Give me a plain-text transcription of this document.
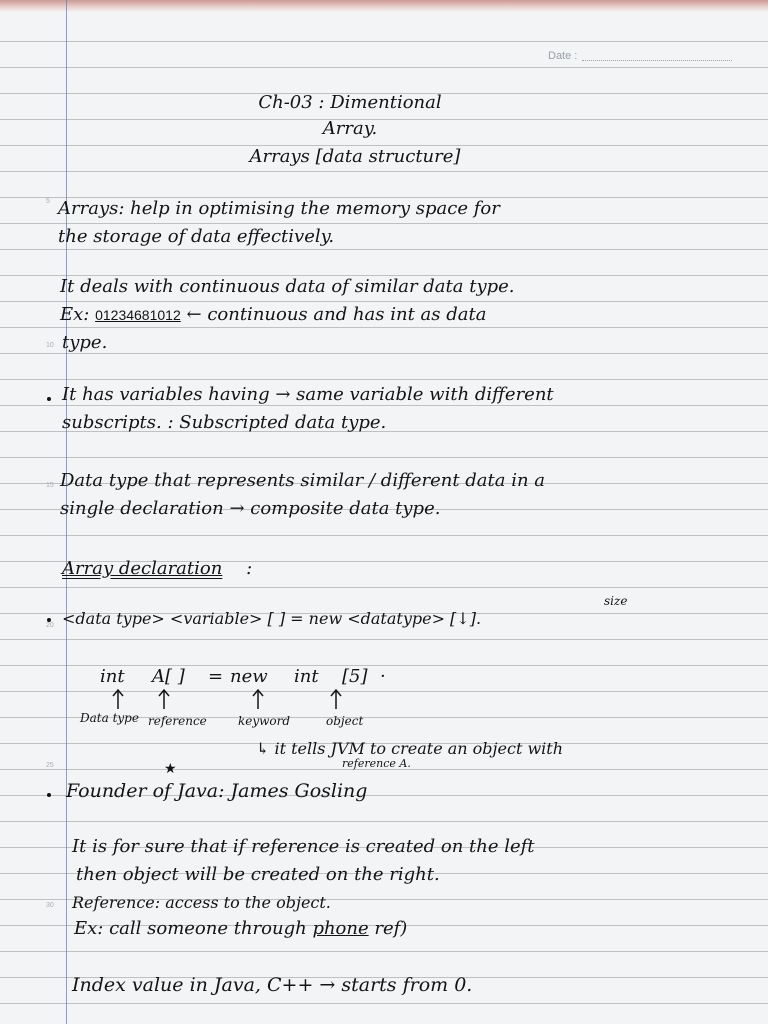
Date :
5
10
15
20
25
30
Ch-03 : Dimentional
Array.
Arrays [data structure]
Arrays: help in optimising the memory space for
the storage of data effectively.
It deals with continuous data of similar data type.
Ex: 01234681012 ← continuous and has int as data
type.
It has variables having → same variable with different
subscripts. : Subscripted data type.
Data type that represents similar / different data in a
single declaration → composite data type.
Array declaration :
<data type> <variable> [ ] = new <datatype> [↓].
size
int A[ ] = new int [5] ·
Data type reference	keyword	object
↳ it tells JVM to create an object with
reference A.
★
Founder of Java: James Gosling
It is for sure that if reference is created on the left
then object will be created on the right.
Reference: access to the object.
Ex: call someone through phone ref)
Index value in Java, C++ → starts from 0.
